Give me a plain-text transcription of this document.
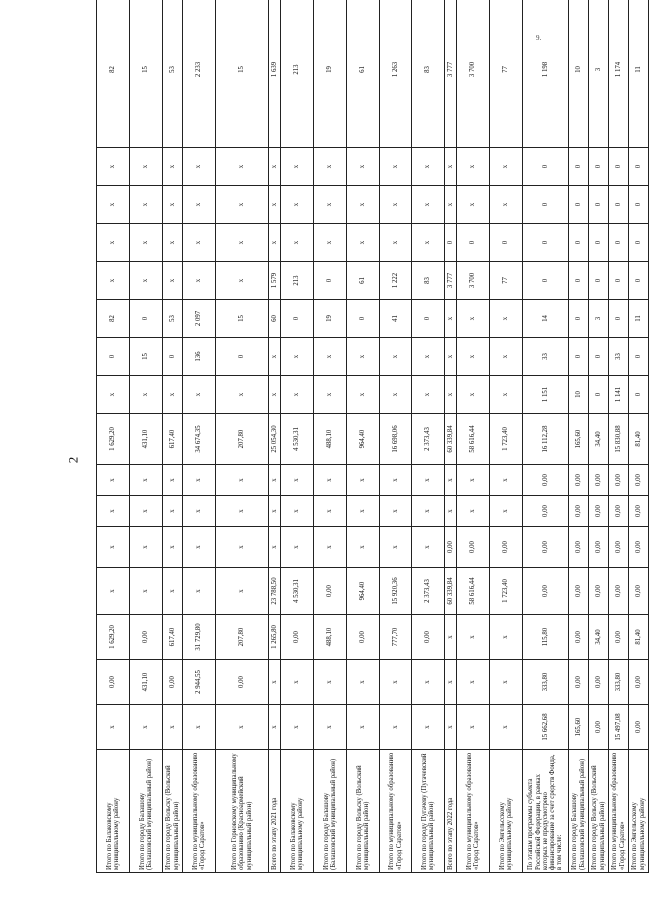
2
9.
Итого по Балаковскому муниципальному району	x	0,00	1 629,20	x	x	x	x	1 629,20	x	0	82	x	x	x	x	82
Итого по городу Балашову (Балашовский муниципальный район)	x	431,10	0,00	x	x	x	x	431,10	x	15	0	x	x	x	x	15
Итого по городу Вольску (Вольский муниципальный район)	x	0,00	617,40	x	x	x	x	617,40	x	0	53	x	x	x	x	53
Итого по муниципальному образованию «Город Саратов»	x	2 944,55	31 729,80	x	x	x	x	34 674,35	x	136	2 097	x	x	x	x	2 233
Итого по Горновскому муниципальному образованию (Красноармейский муниципальный район)	x	0,00	207,80	x	x	x	x	207,80	x	0	15	x	x	x	x	15
Всего по этапу 2021 года	x	x	1 265,80	23 788,50	x	x	x	25 054,30	x	x	60	1 579	x	x	x	1 639
Итого по Балаковскому муниципальному району	x	x	0,00	4 530,31	x	x	x	4 530,31	x	x	0	213	x	x	x	213
Итого по городу Балашову (Балашовский муниципальный район)	x	x	488,10	0,00	x	x	x	488,10	x	x	19	0	x	x	x	19
Итого по городу Вольску (Вольский муниципальный район)	x	x	0,00	964,40	x	x	x	964,40	x	x	0	61	x	x	x	61
Итого по муниципальному образованию «Город Саратов»	x	x	777,70	15 920,36	x	x	x	16 698,06	x	x	41	1 222	x	x	x	1 263
Итого по городу Пугачеву (Пугачевский муниципальный район)	x	x	0,00	2 373,43	x	x	x	2 373,43	x	x	0	83	x	x	x	83
Всего по этапу 2022 года	x	x	x	60 339,84	0,00	x	x	60 339,84	x	x	x	3 777	0	x	x	3 777
Итого по муниципальному образованию «Город Саратов»	x	x	x	58 616,44	0,00	x	x	58 616,44	x	x	x	3 700	0	x	x	3 700
Итого по Энгельсскому муниципальному району	x	x	x	1 723,40	0,00	x	x	1 723,40	x	x	x	77	0	x	x	77
По этапам программы субъекта Российской Федерации, в рамках которых не предусмотрено финансирование за счет средств Фонда, в том числе:	15 662,68	333,80	115,80	0,00	0,00	0,00	0,00	16 112,28	1 151	33	14	0	0	0	0	1 198
Итого по городу Балашову (Балашовский муниципальный район)	165,60	0,00	0,00	0,00	0,00	0,00	0,00	165,60	10	0	0	0	0	0	0	10
Итого по городу Вольску (Вольский муниципальный район)	0,00	0,00	34,40	0,00	0,00	0,00	0,00	34,40	0	0	3	0	0	0	0	3
Итого по муниципальному образованию «Город Саратов»	15 497,08	333,80	0,00	0,00	0,00	0,00	0,00	15 830,88	1 141	33	0	0	0	0	0	1 174
Итого по Энгельсскому муниципальному району	0,00	0,00	81,40	0,00	0,00	0,00	0,00	81,40	0	0	11	0	0	0	0	11
